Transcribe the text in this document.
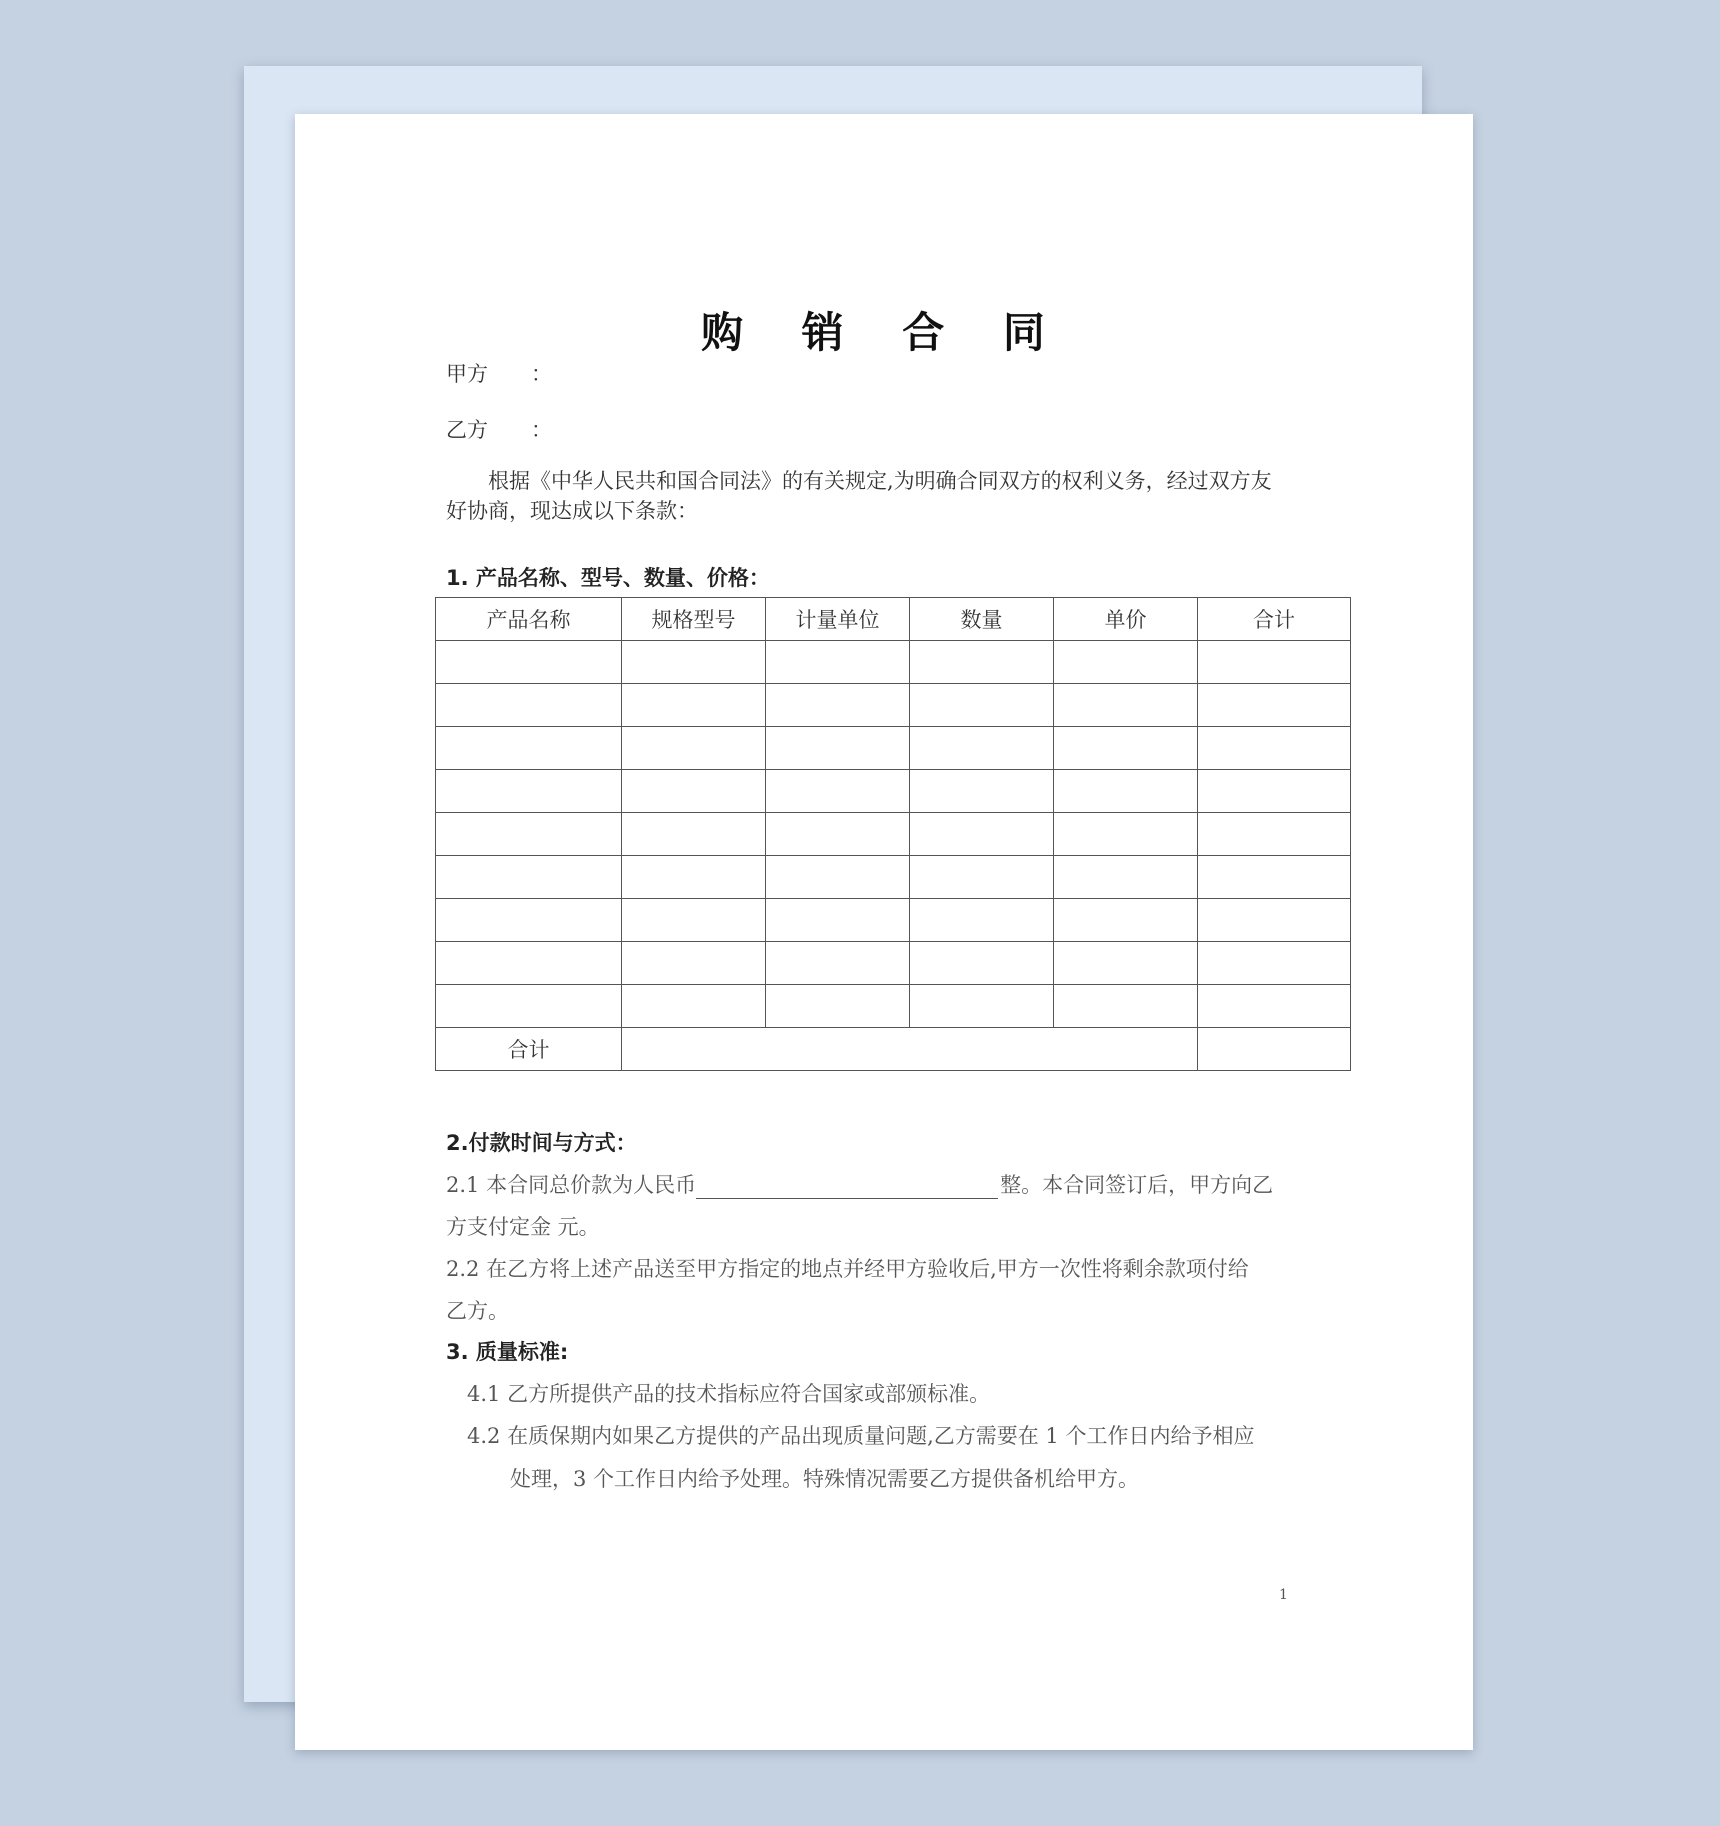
购 销 合 同
甲方 ：
乙方 ：
根据《中华人民共和国合同法》的有关规定,为明确合同双方的权利义务，经过双方友
好协商，现达成以下条款：
1. 产品名称、型号、数量、价格：
产品名称	规格型号	计量单位	数量	单价	合计

合计					
2.付款时间与方式：
2.1 本合同总价款为人民币	整。本合同签订后，甲方向乙
方支付定金 元。
2.2 在乙方将上述产品送至甲方指定的地点并经甲方验收后,甲方一次性将剩余款项付给
乙方。
3. 质量标准:
4.1 乙方所提供产品的技术指标应符合国家或部颁标准。
4.2 在质保期内如果乙方提供的产品出现质量问题,乙方需要在 1 个工作日内给予相应
处理，3 个工作日内给予处理。特殊情况需要乙方提供备机给甲方。
1
